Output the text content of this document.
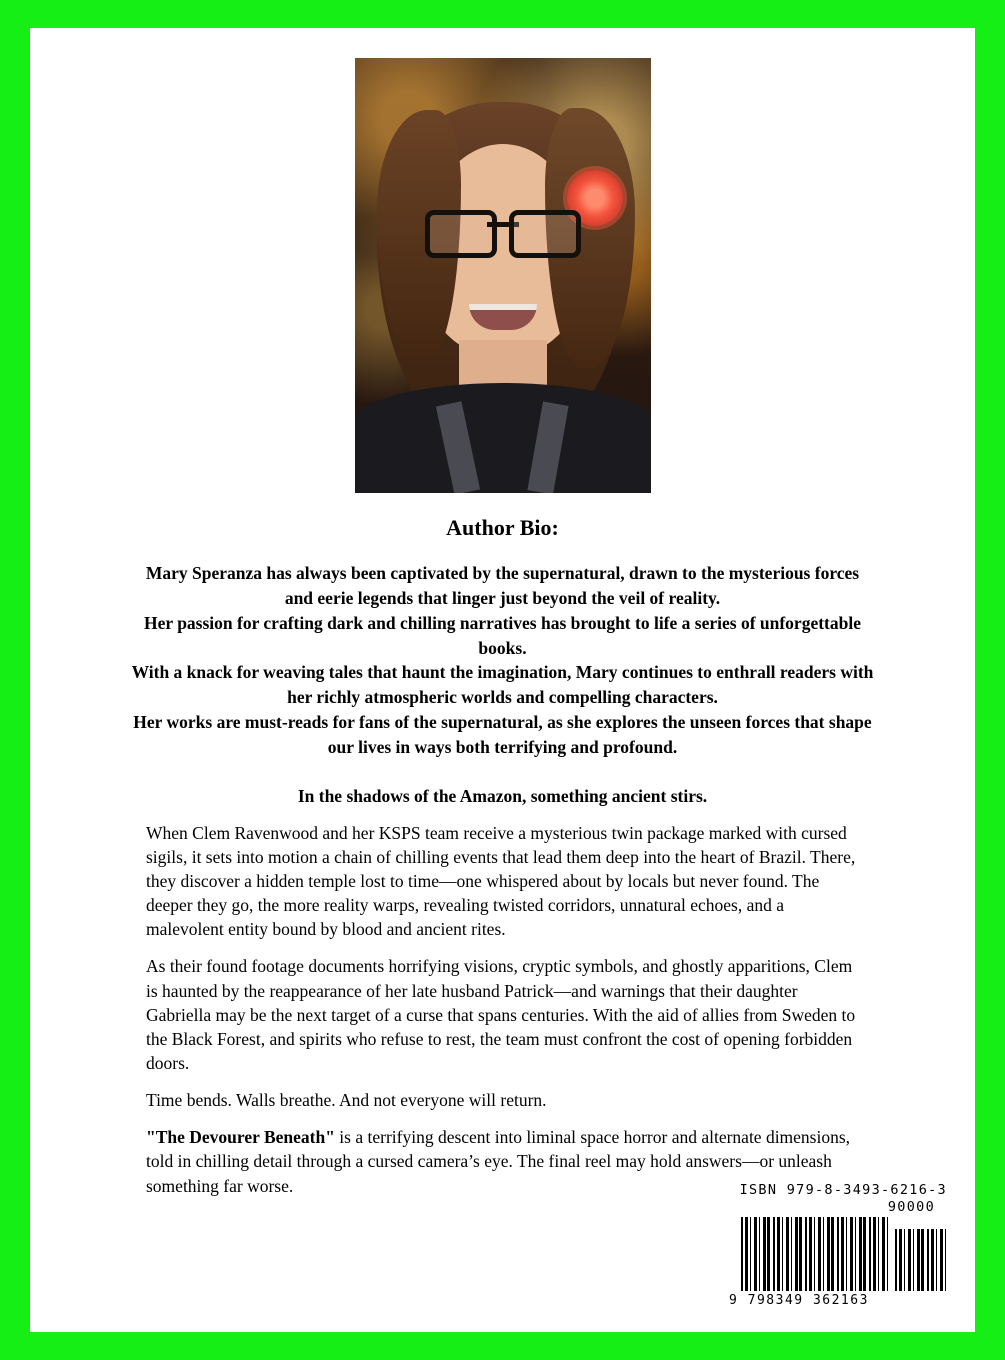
Author Bio:

Mary Speranza has always been captivated by the supernatural, drawn to the mysterious forces and eerie legends that linger just beyond the veil of reality.

Her passion for crafting dark and chilling narratives has brought to life a series of unforgettable books.

With a knack for weaving tales that haunt the imagination, Mary continues to enthrall readers with her richly atmospheric worlds and compelling characters.

Her works are must-reads for fans of the supernatural, as she explores the unseen forces that shape our lives in ways both terrifying and profound.

In the shadows of the Amazon, something ancient stirs.

When Clem Ravenwood and her KSPS team receive a mysterious twin package marked with cursed sigils, it sets into motion a chain of chilling events that lead them deep into the heart of Brazil. There, they discover a hidden temple lost to time—one whispered about by locals but never found. The deeper they go, the more reality warps, revealing twisted corridors, unnatural echoes, and a malevolent entity bound by blood and ancient rites.

As their found footage documents horrifying visions, cryptic symbols, and ghostly apparitions, Clem is haunted by the reappearance of her late husband Patrick—and warnings that their daughter Gabriella may be the next target of a curse that spans centuries. With the aid of allies from Sweden to the Black Forest, and spirits who refuse to rest, the team must confront the cost of opening forbidden doors.

Time bends. Walls breathe. And not everyone will return.

"The Devourer Beneath" is a terrifying descent into liminal space horror and alternate dimensions, told in chilling detail through a cursed camera’s eye. The final reel may hold answers—or unleash something far worse.	ISBN 979-8-3493-6216-3
90000
9 798349 362163
